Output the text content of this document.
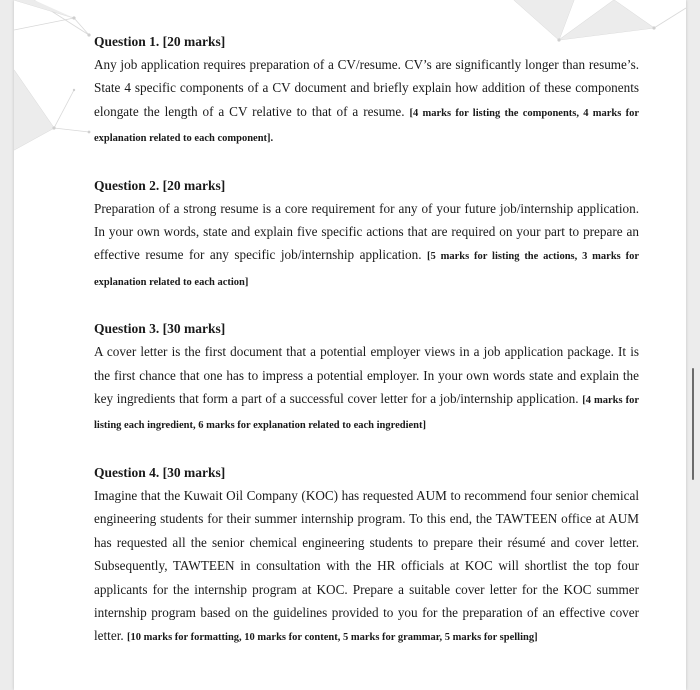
Question 1. [20 marks]

Any job application requires preparation of a CV/resume. CV’s are significantly longer than resume’s. State 4 specific components of a CV document and briefly explain how addition of these components elongate the length of a CV relative to that of a resume. [4 marks for listing the components, 4 marks for explanation related to each component].

Question 2. [20 marks]

Preparation of a strong resume is a core requirement for any of your future job/internship application. In your own words, state and explain five specific actions that are required on your part to prepare an effective resume for any specific job/internship application. [5 marks for listing the actions, 3 marks for explanation related to each action]

Question 3. [30 marks]

A cover letter is the first document that a potential employer views in a job application package. It is the first chance that one has to impress a potential employer. In your own words state and explain the key ingredients that form a part of a successful cover letter for a job/internship application. [4 marks for listing each ingredient, 6 marks for explanation related to each ingredient]

Question 4. [30 marks]

Imagine that the Kuwait Oil Company (KOC) has requested AUM to recommend four senior chemical engineering students for their summer internship program. To this end, the TAWTEEN office at AUM has requested all the senior chemical engineering students to prepare their résumé and cover letter. Subsequently, TAWTEEN in consultation with the HR officials at KOC will shortlist the top four applicants for the internship program at KOC. Prepare a suitable cover letter for the KOC summer internship program based on the guidelines provided to you for the preparation of an effective cover letter. [10 marks for formatting, 10 marks for content, 5 marks for grammar, 5 marks for spelling]
